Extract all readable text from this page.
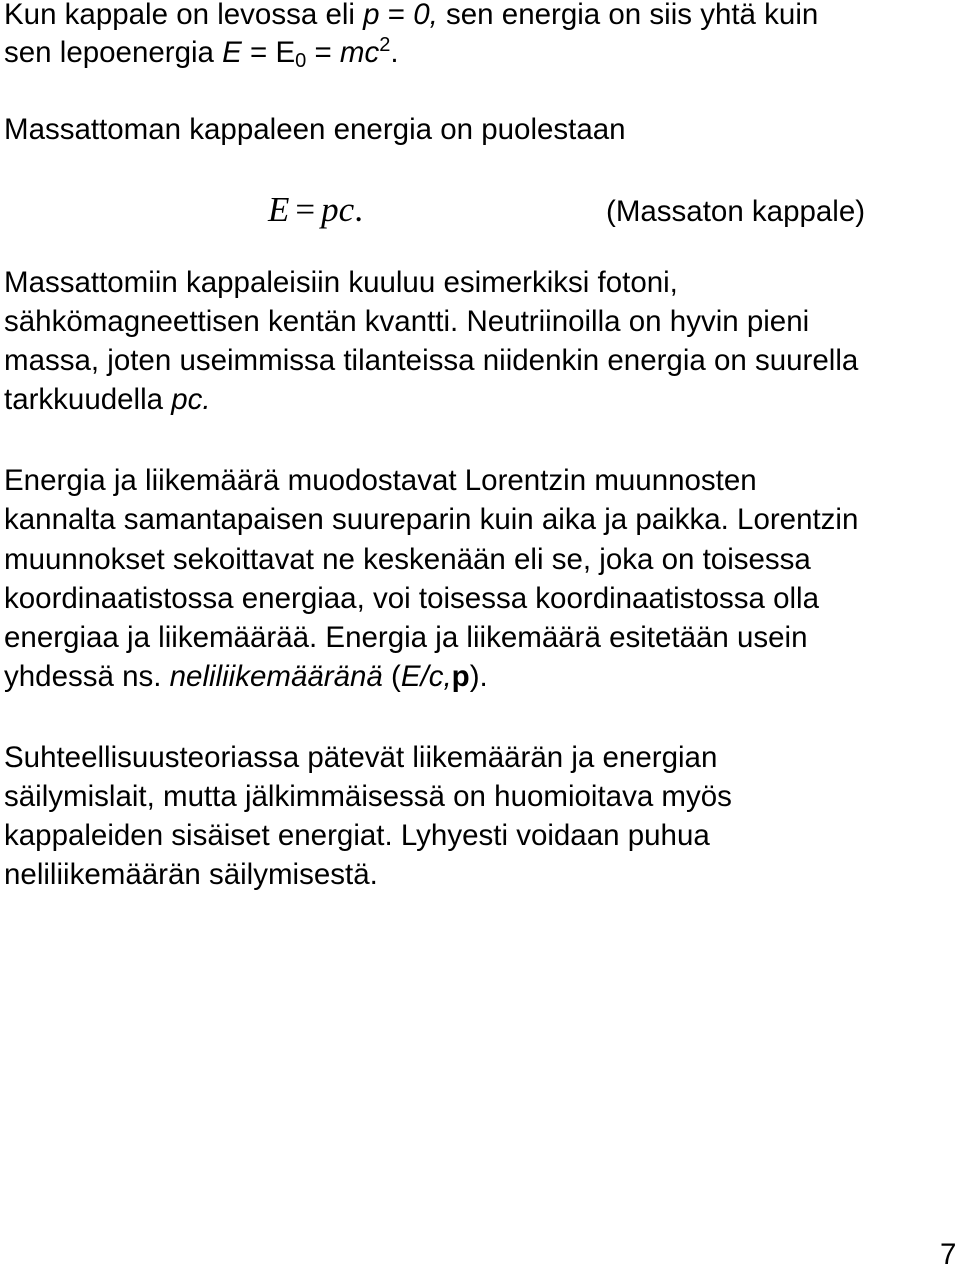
Kun kappale on levossa eli p = 0, sen energia on siis yhtä kuin
sen lepoenergia $E = E_0 = mc^2$.
Massattoman kappaleen energia on puolestaan
E = pc.	(Massaton kappale)
Massattomiin kappaleisiin kuuluu esimerkiksi fotoni,
sähkömagneettisen kentän kvantti. Neutriinoilla on hyvin pieni
massa, joten useimmissa tilanteissa niidenkin energia on suurella
tarkkuudella pc.
Energia ja liikemäärä muodostavat Lorentzin muunnosten
kannalta samantapaisen suureparin kuin aika ja paikka. Lorentzin
muunnokset sekoittavat ne keskenään eli se, joka on toisessa
koordinaatistossa energiaa, voi toisessa koordinaatistossa olla
energiaa ja liikemäärää. Energia ja liikemäärä esitetään usein
yhdessä ns. neliliikemääränä (E/c,p).
Suhteellisuusteoriassa pätevät liikemäärän ja energian
säilymislait, mutta jälkimmäisessä on huomioitava myös
kappaleiden sisäiset energiat. Lyhyesti voidaan puhua
neliliikemäärän säilymisestä.
7
